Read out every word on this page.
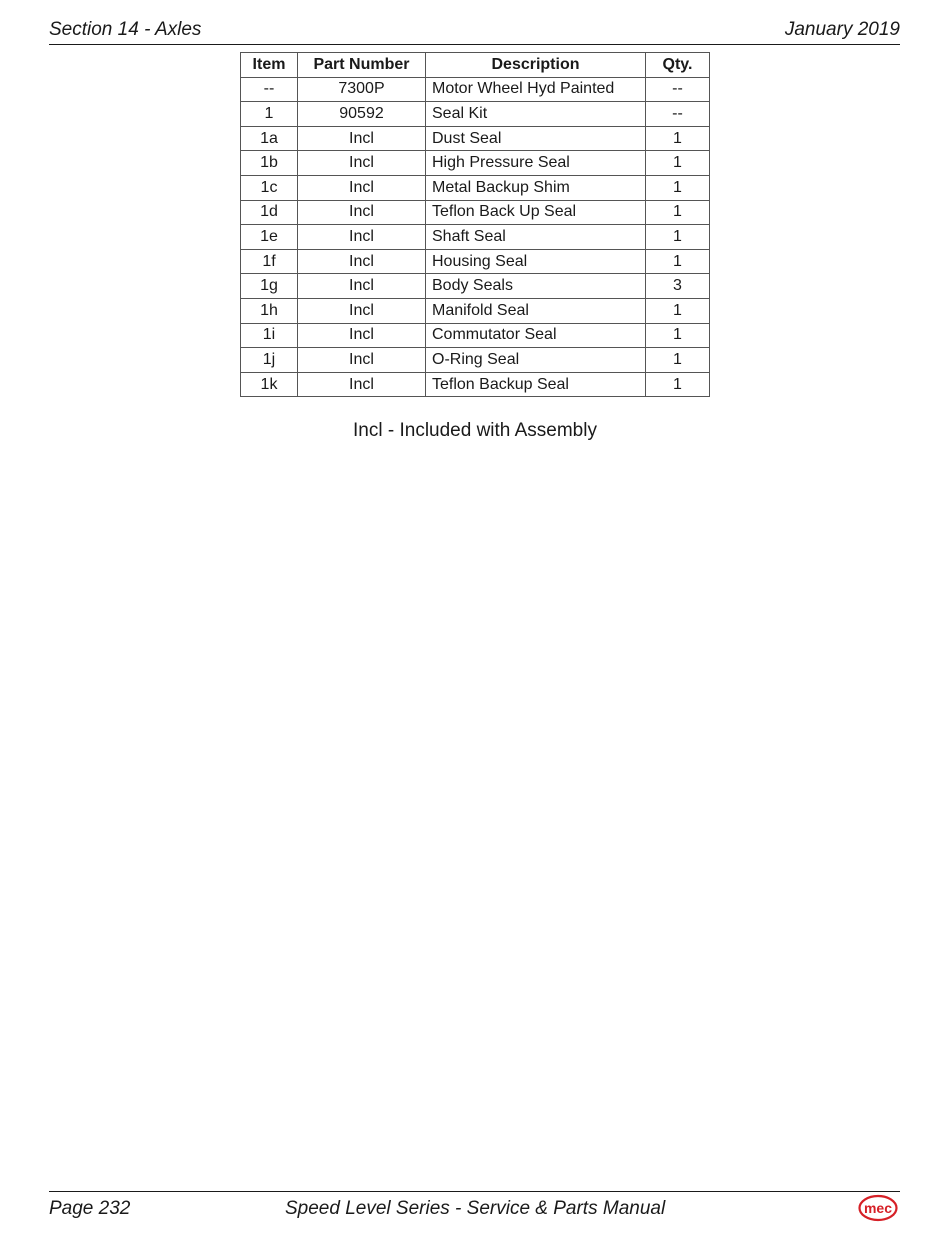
Section 14 - Axles	January 2019
Item	Part Number	Description	Qty.
--	7300P	Motor Wheel Hyd Painted	--
1	90592	Seal Kit	--
1a	Incl	Dust Seal	1
1b	Incl	High Pressure Seal	1
1c	Incl	Metal Backup Shim	1
1d	Incl	Teflon Back Up Seal	1
1e	Incl	Shaft Seal	1
1f	Incl	Housing Seal	1
1g	Incl	Body Seals	3
1h	Incl	Manifold Seal	1
1i	Incl	Commutator Seal	1
1j	Incl	O-Ring Seal	1
1k	Incl	Teflon Backup Seal	1
Incl - Included with Assembly
Page 232	Speed Level Series - Service & Parts Manual	mec
